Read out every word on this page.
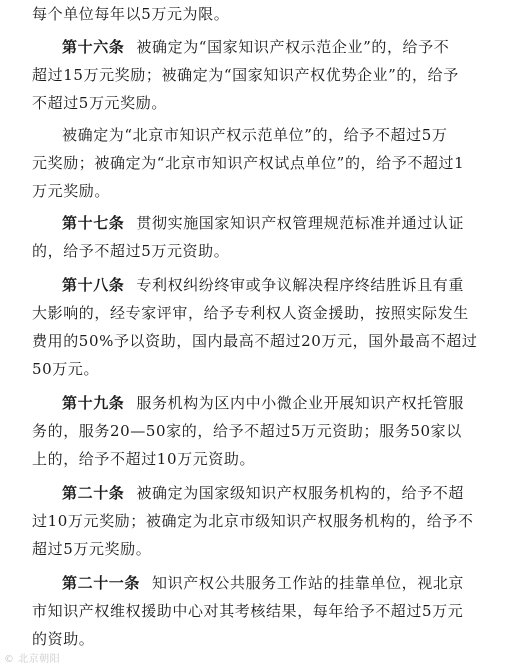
每个单位每年以5万元为限。
第十六条 被确定为“国家知识产权示范企业”的，给予不
超过15万元奖励；被确定为“国家知识产权优势企业”的，给予
不超过5万元奖励。
被确定为“北京市知识产权示范单位”的，给予不超过5万
元奖励；被确定为“北京市知识产权试点单位”的，给予不超过1
万元奖励。
第十七条 贯彻实施国家知识产权管理规范标准并通过认证
的，给予不超过5万元资助。
第十八条 专利权纠纷终审或争议解决程序终结胜诉且有重
大影响的，经专家评审，给予专利权人资金援助，按照实际发生
费用的50%予以资助，国内最高不超过20万元，国外最高不超过
50万元。
第十九条 服务机构为区内中小微企业开展知识产权托管服
务的，服务20—50家的，给予不超过5万元资助；服务50家以
上的，给予不超过10万元资助。
第二十条 被确定为国家级知识产权服务机构的，给予不超
过10万元奖励；被确定为北京市级知识产权服务机构的，给予不
超过5万元奖励。
第二十一条 知识产权公共服务工作站的挂靠单位，视北京
市知识产权维权援助中心对其考核结果，每年给予不超过5万元
的资助。
© 北京朝阳
